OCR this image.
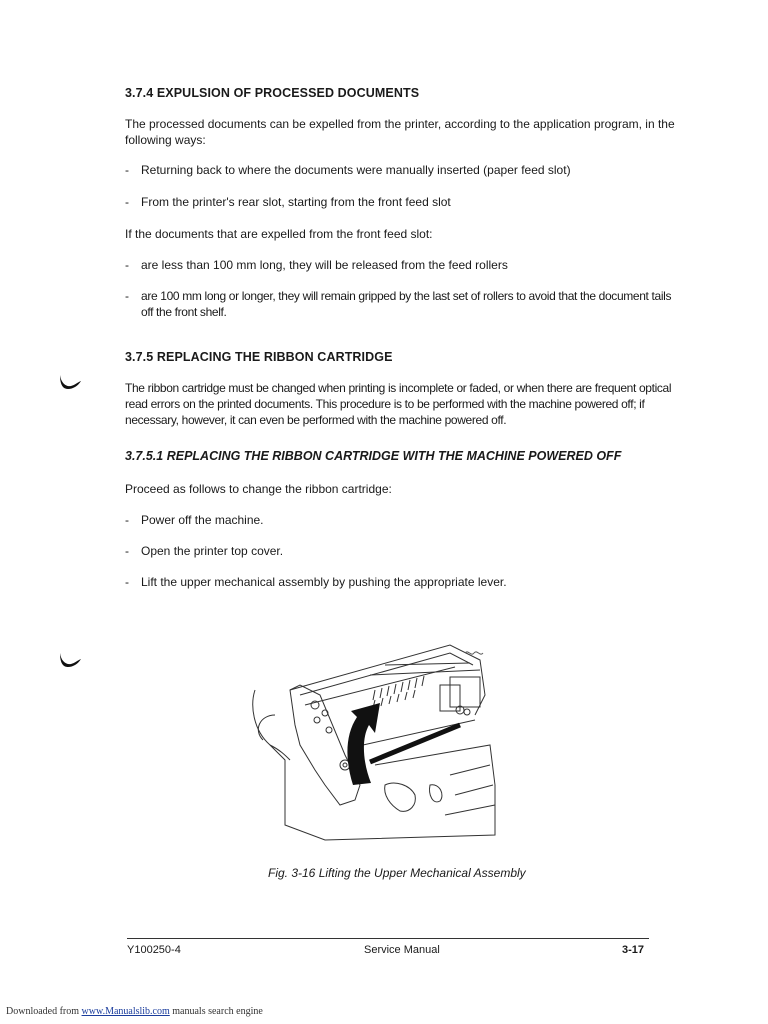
3.7.4 EXPULSION OF PROCESSED DOCUMENTS
The processed documents can be expelled from the printer, according to the application program, in the following ways:
- Returning back to where the documents were manually inserted (paper feed slot)
- From the printer's rear slot, starting from the front feed slot
If the documents that are expelled from the front feed slot:
- are less than 100 mm long, they will be released from the feed rollers
- are 100 mm long or longer, they will remain gripped by the last set of rollers to avoid that the document tails off the front shelf.
3.7.5 REPLACING THE RIBBON CARTRIDGE
The ribbon cartridge must be changed when printing is incomplete or faded, or when there are frequent optical read errors on the printed documents. This procedure is to be performed with the machine powered off; if necessary, however, it can even be performed with the machine powered off.
3.7.5.1 REPLACING THE RIBBON CARTRIDGE WITH THE MACHINE POWERED OFF
Proceed as follows to change the ribbon cartridge:
- Power off the machine.
- Open the printer top cover.
- Lift the upper mechanical assembly by pushing the appropriate lever.
Fig. 3-16 Lifting the Upper Mechanical Assembly
Y100250-4	Service Manual	3-17
Downloaded from www.Manualslib.com manuals search engine
